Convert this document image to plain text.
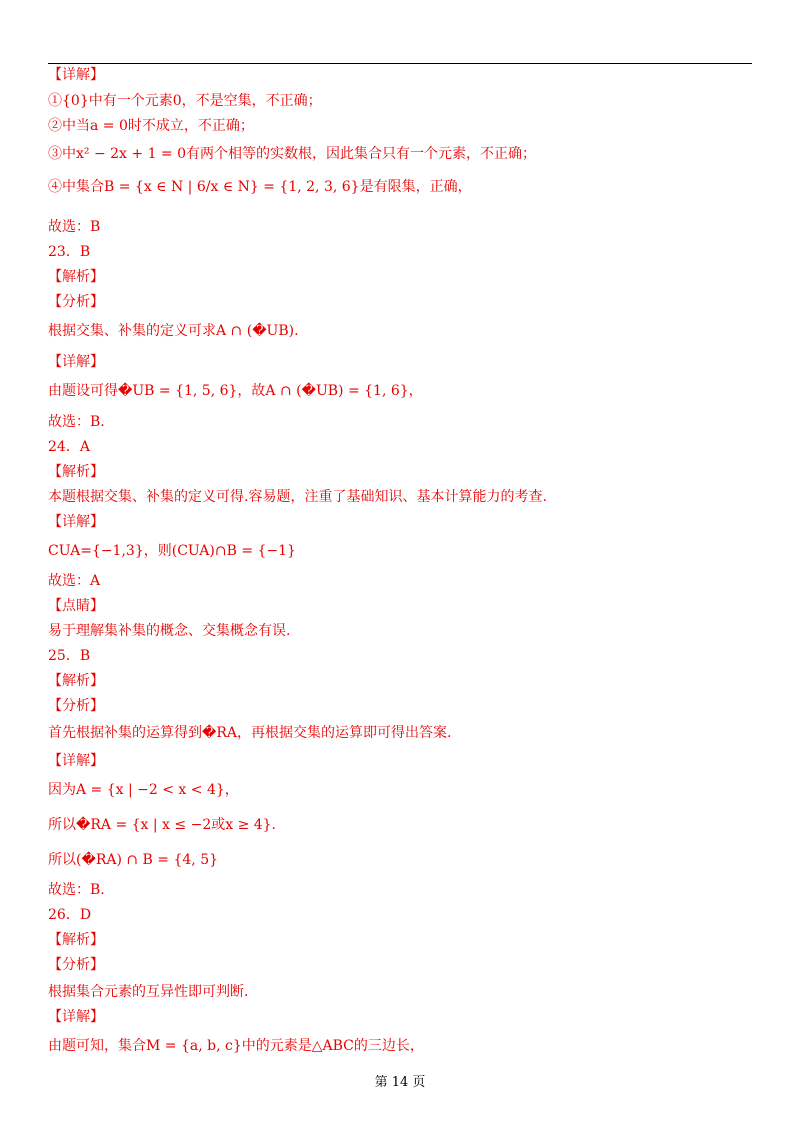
【详解】
①{0}中有一个元素0，不是空集，不正确；
②中当a = 0时不成立，不正确；
③中x² − 2x + 1 = 0有两个相等的实数根，因此集合只有一个元素，不正确；
④中集合B = {x ∈ N | 6/x ∈ N} = {1, 2, 3, 6}是有限集，正确，
故选：B
23．B
【解析】
【分析】
根据交集、补集的定义可求A ∩ (�UB).
【详解】
由题设可得�UB = {1, 5, 6}，故A ∩ (�UB) = {1, 6}，
故选：B.
24．A
【解析】
本题根据交集、补集的定义可得.容易题，注重了基础知识、基本计算能力的考查.
【详解】
CUA={−1,3}，则(CUA)∩B = {−1}
故选：A
【点睛】
易于理解集补集的概念、交集概念有误.
25．B
【解析】
【分析】
首先根据补集的运算得到�RA，再根据交集的运算即可得出答案.
【详解】
因为A = {x | −2 < x < 4}，
所以�RA = {x | x ≤ −2或x ≥ 4}.
所以(�RA) ∩ B = {4, 5}
故选：B.
26．D
【解析】
【分析】
根据集合元素的互异性即可判断.
【详解】
由题可知，集合M = {a, b, c}中的元素是△ABC的三边长，
第 14 页
